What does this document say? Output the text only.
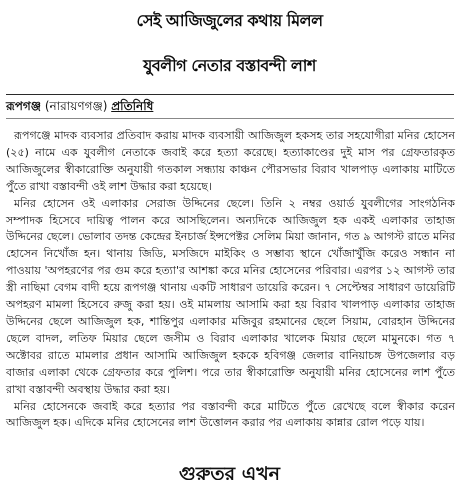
সেই আজিজুলের কথায় মিলল
যুবলীগ নেতার বস্তাবন্দী লাশ
রূপগঞ্জ (নারায়ণগঞ্জ) প্রতিনিধি

রূপগঞ্জে মাদক ব্যবসার প্রতিবাদ করায় মাদক ব্যবসায়ী আজিজুল হকসহ তার সহযোগীরা মনির হোসেন (২৫) নামে এক যুবলীগ নেতাকে জবাই করে হত্যা করেছে। হত্যাকাণ্ডের দুই মাস পর গ্রেফতারকৃত আজিজুলের স্বীকারোক্তি অনুযায়ী গতকাল সন্ধ্যায় কাঞ্চন পৌরসভার বিরাব খালপাড় এলাকায় মাটিতে পুঁতে রাখা বস্তাবন্দী ওই লাশ উদ্ধার করা হয়েছে।

মনির হোসেন ওই এলাকার সেরাজ উদ্দিনের ছেলে। তিনি ২ নম্বর ওয়ার্ড যুবলীগের সাংগঠনিক সম্পাদক হিসেবে দায়িত্ব পালন করে আসছিলেন। অন্যদিকে আজিজুল হক একই এলাকার তাহাজ উদ্দিনের ছেলে। ভোলাব তদন্ত কেন্দ্রের ইনচার্জ ইন্সপেক্টর সেলিম মিয়া জানান, গত ৯ আগস্ট রাতে মনির হোসেন নিখোঁজ হন। থানায় জিডি, মসজিদে মাইকিং ও সম্ভাব্য স্থানে খোঁজাখুঁজি করেও সন্ধান না পাওয়ায় 'অপহরণের পর গুম করে হত্যা'র আশঙ্কা করে মনির হোসেনের পরিবার। এরপর ১২ আগস্ট তার স্ত্রী নাছিমা বেগম বাদী হয়ে রূপগঞ্জ থানায় একটি সাধারণ ডায়েরি করেন। ৭ সেপ্টেম্বর সাধারণ ডায়েরিটি অপহরণ মামলা হিসেবে রুজু করা হয়। ওই মামলায় আসামি করা হয় বিরাব খালপাড় এলাকার তাহাজ উদ্দিনের ছেলে আজিজুল হক, শান্তিপুর এলাকার মজিবুর রহমানের ছেলে সিয়াম, বোরহান উদ্দিনের ছেলে বাদল, লতিফ মিয়ার ছেলে জসীম ও বিরাব এলাকার খালেক মিয়ার ছেলে মামুনকে। গত ৭ অক্টোবর রাতে মামলার প্রধান আসামি আজিজুল হককে হবিগঞ্জ জেলার বানিয়াচঙ্গ উপজেলার বড় বাজার এলাকা থেকে গ্রেফতার করে পুলিশ। পরে তার স্বীকারোক্তি অনুযায়ী মনির হোসেনের লাশ পুঁতে রাখা বস্তাবন্দী অবস্থায় উদ্ধার করা হয়।

মনির হোসেনকে জবাই করে হত্যার পর বস্তাবন্দী করে মাটিতে পুঁতে রেখেছে বলে স্বীকার করেন আজিজুল হক। এদিকে মনির হোসেনের লাশ উত্তোলন করার পর এলাকায় কান্নার রোল পড়ে যায়।

গুরুতর এখন
